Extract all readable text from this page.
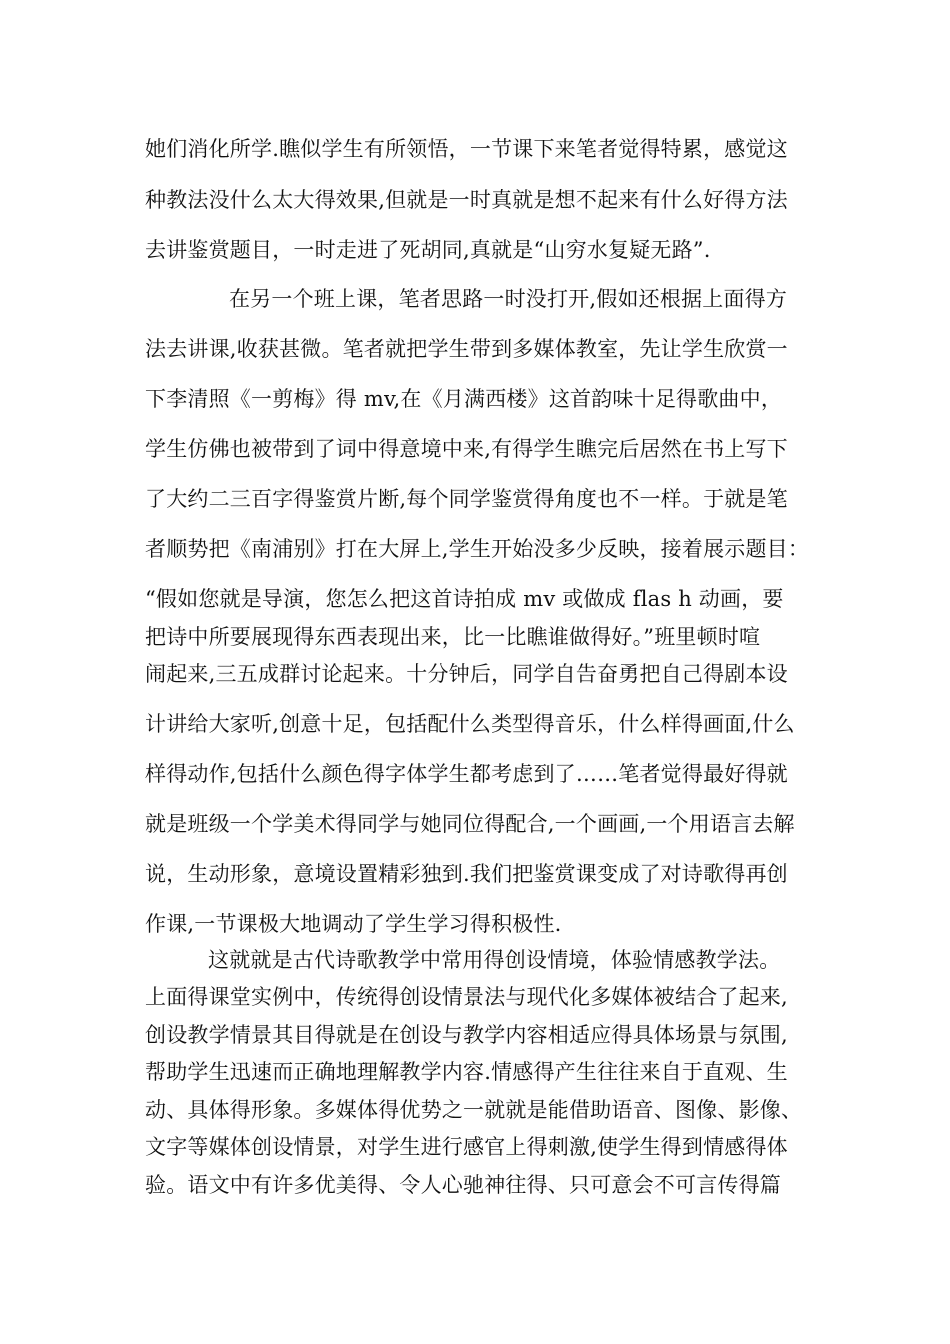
她们消化所学.瞧似学生有所领悟，一节课下来笔者觉得特累，感觉这
种教法没什么太大得效果,但就是一时真就是想不起来有什么好得方法
去讲鉴赏题目，一时走进了死胡同,真就是“山穷水复疑无路”.
在另一个班上课，笔者思路一时没打开,假如还根据上面得方
法去讲课,收获甚微。笔者就把学生带到多媒体教室，先让学生欣赏一
下李清照《一剪梅》得 mv,在《月满西楼》这首韵味十足得歌曲中，
学生仿佛也被带到了词中得意境中来,有得学生瞧完后居然在书上写下
了大约二三百字得鉴赏片断,每个同学鉴赏得角度也不一样。于就是笔
者顺势把《南浦别》打在大屏上,学生开始没多少反映，接着展示题目：
“假如您就是导演，您怎么把这首诗拍成 mv 或做成 flas h 动画，要
把诗中所要展现得东西表现出来，比一比瞧谁做得好。”班里顿时喧
闹起来,三五成群讨论起来。十分钟后，同学自告奋勇把自己得剧本设
计讲给大家听,创意十足，包括配什么类型得音乐，什么样得画面,什么
样得动作,包括什么颜色得字体学生都考虑到了……笔者觉得最好得就
就是班级一个学美术得同学与她同位得配合,一个画画,一个用语言去解
说，生动形象，意境设置精彩独到.我们把鉴赏课变成了对诗歌得再创
作课,一节课极大地调动了学生学习得积极性.
这就就是古代诗歌教学中常用得创设情境，体验情感教学法。
上面得课堂实例中，传统得创设情景法与现代化多媒体被结合了起来,
创设教学情景其目得就是在创设与教学内容相适应得具体场景与氛围,
帮助学生迅速而正确地理解教学内容.情感得产生往往来自于直观、生
动、具体得形象。多媒体得优势之一就就是能借助语音、图像、影像、
文字等媒体创设情景，对学生进行感官上得刺激,使学生得到情感得体
验。语文中有许多优美得、令人心驰神往得、只可意会不可言传得篇
